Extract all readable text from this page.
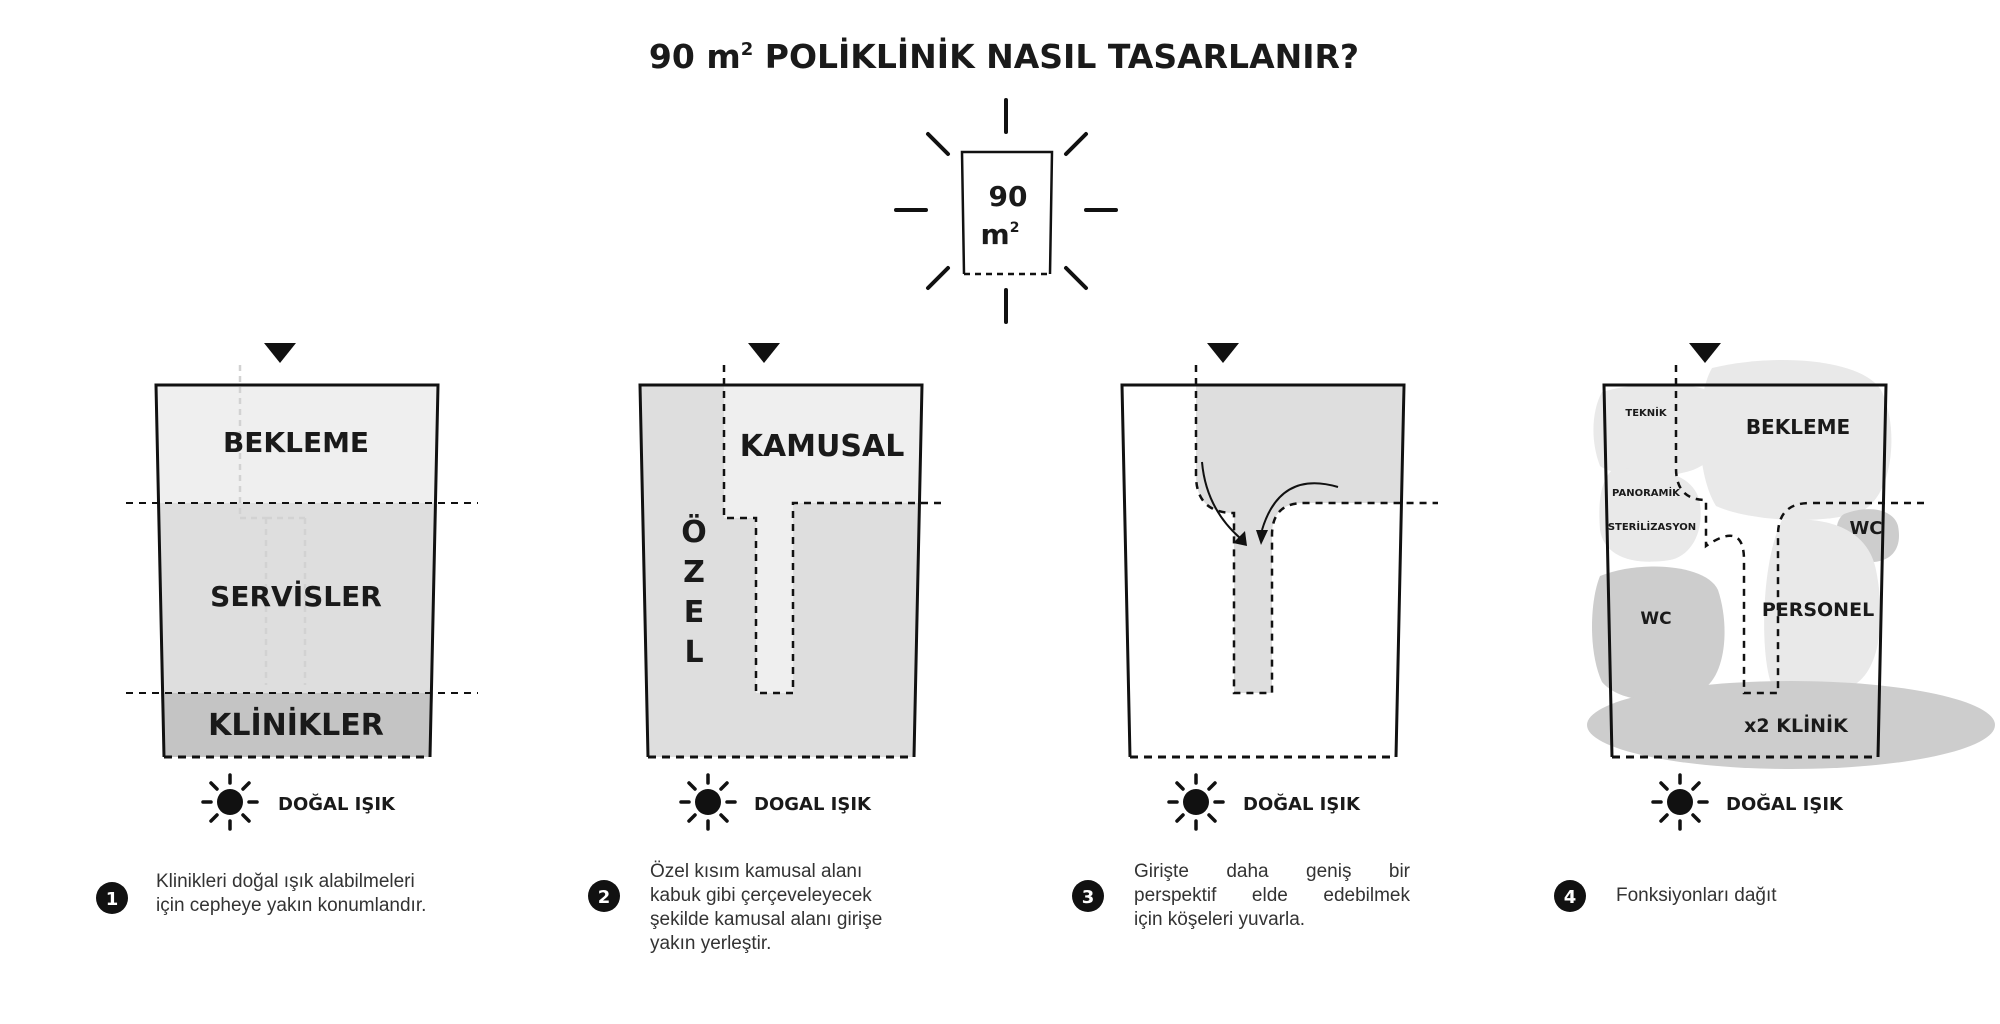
90 $m^2$ POLİKLİNİK NASIL TASARLANIR?
90
$m^2$
BEKLEME
SERVİSLER
KLİNİKLER
DOĞAL IŞIK
KAMUSAL
Ö
Z
E
L
DOGAL IŞIK	DOĞAL IŞIK
TEKNİK
BEKLEME
PANORAMİK
STERİLİZASYON	WC
WC	PERSONEL
x2 KLİNİK
DOĞAL IŞIK
1	2	3	4
Klinikleri doğal ışık alabilmeleri
için cepheye yakın konumlandır.
Özel kısım kamusal alanı
kabuk gibi çerçeveleyecek
şekilde kamusal alanı girişe
yakın yerleştir.
Girişte daha geniş bir
perspektif elde edebilmek
için köşeleri yuvarla.
Fonksiyonları dağıt
